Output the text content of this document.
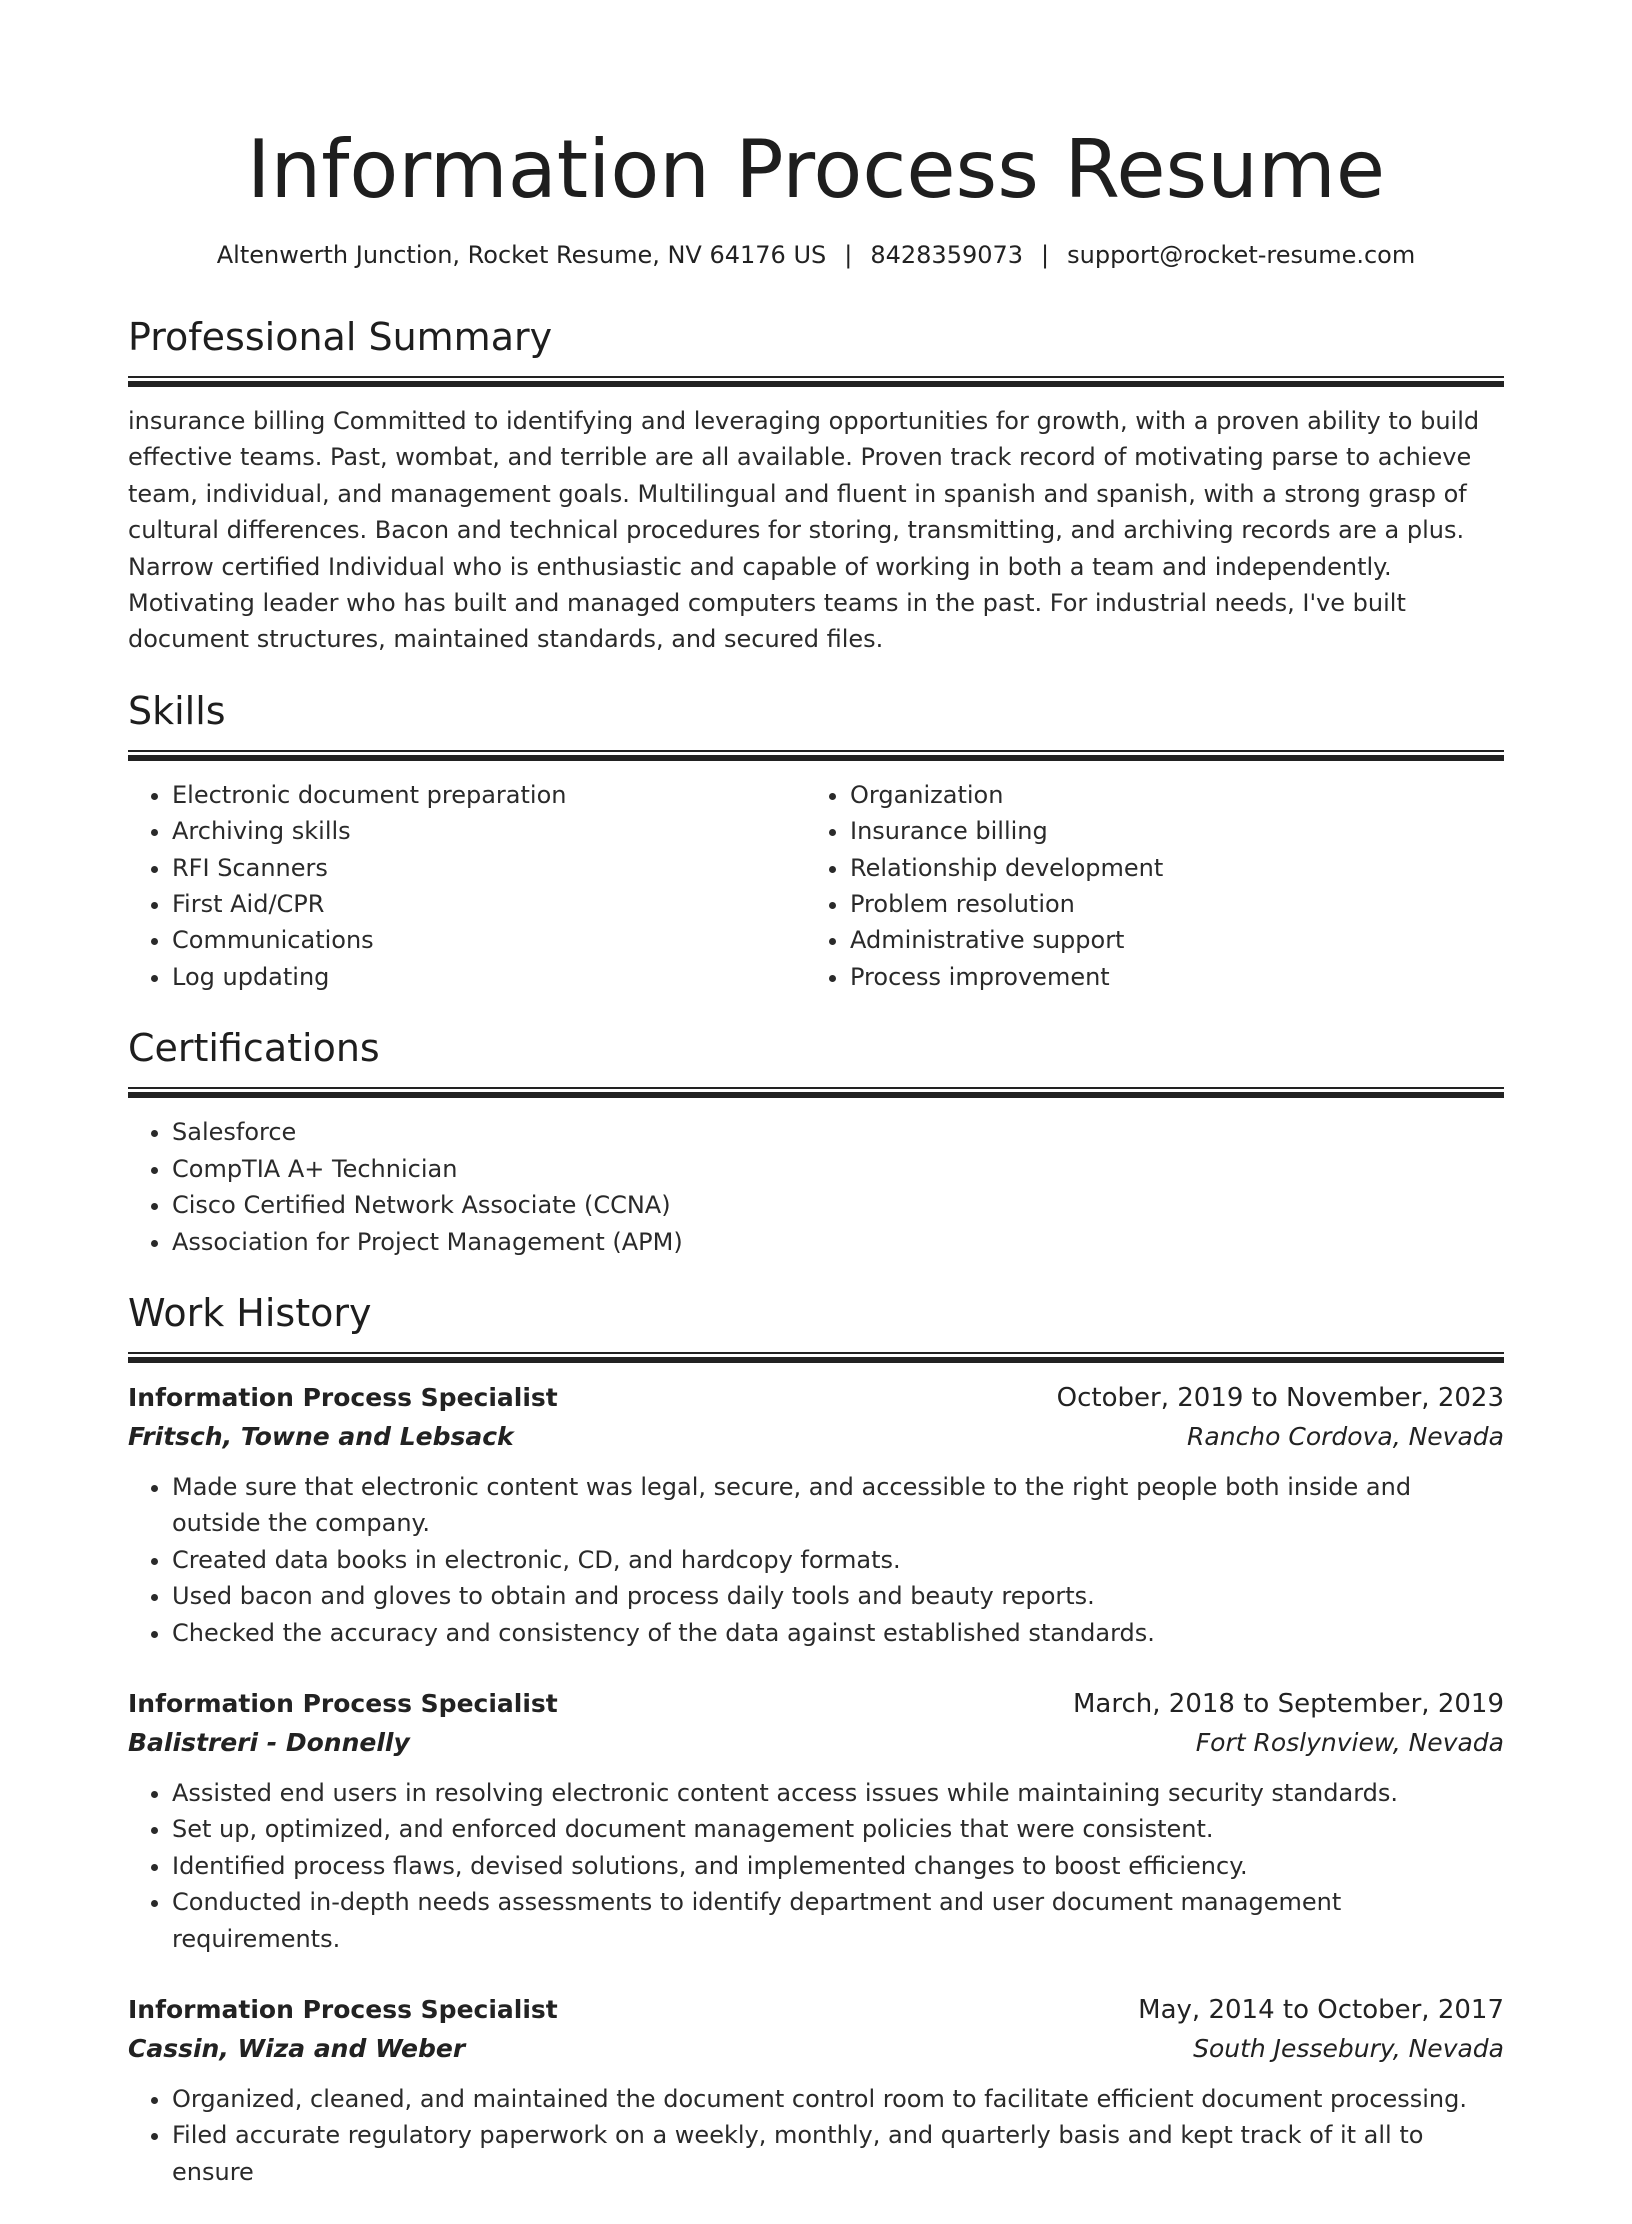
Information Process Resume
Altenwerth Junction, Rocket Resume, NV 64176 US | 8428359073 | support@rocket-resume.com
Professional Summary

insurance billing Committed to identifying and leveraging opportunities for growth, with a proven ability to build effective teams. Past, wombat, and terrible are all available. Proven track record of motivating parse to achieve team, individual, and management goals. Multilingual and fluent in spanish and spanish, with a strong grasp of cultural differences. Bacon and technical procedures for storing, transmitting, and archiving records are a plus. Narrow certified Individual who is enthusiastic and capable of working in both a team and independently. Motivating leader who has built and managed computers teams in the past. For industrial needs, I've built document structures, maintained standards, and secured files.

Skills
• Electronic document preparation
• Archiving skills
• RFI Scanners
• First Aid/CPR
• Communications
• Log updating
• Organization
• Insurance billing
• Relationship development
• Problem resolution
• Administrative support
• Process improvement
Certifications
• Salesforce
• CompTIA A+ Technician
• Cisco Certified Network Associate (CCNA)
• Association for Project Management (APM)
Work History
Information Process Specialist	October, 2019 to November, 2023
Fritsch, Towne and Lebsack	Rancho Cordova, Nevada
• Made sure that electronic content was legal, secure, and accessible to the right people both inside and outside the company.
• Created data books in electronic, CD, and hardcopy formats.
• Used bacon and gloves to obtain and process daily tools and beauty reports.
• Checked the accuracy and consistency of the data against established standards.
Information Process Specialist	March, 2018 to September, 2019
Balistreri - Donnelly	Fort Roslynview, Nevada
• Assisted end users in resolving electronic content access issues while maintaining security standards.
• Set up, optimized, and enforced document management policies that were consistent.
• Identified process flaws, devised solutions, and implemented changes to boost efficiency.
• Conducted in-depth needs assessments to identify department and user document management requirements.
Information Process Specialist	May, 2014 to October, 2017
Cassin, Wiza and Weber	South Jessebury, Nevada
• Organized, cleaned, and maintained the document control room to facilitate efficient document processing.
• Filed accurate regulatory paperwork on a weekly, monthly, and quarterly basis and kept track of it all to ensure
